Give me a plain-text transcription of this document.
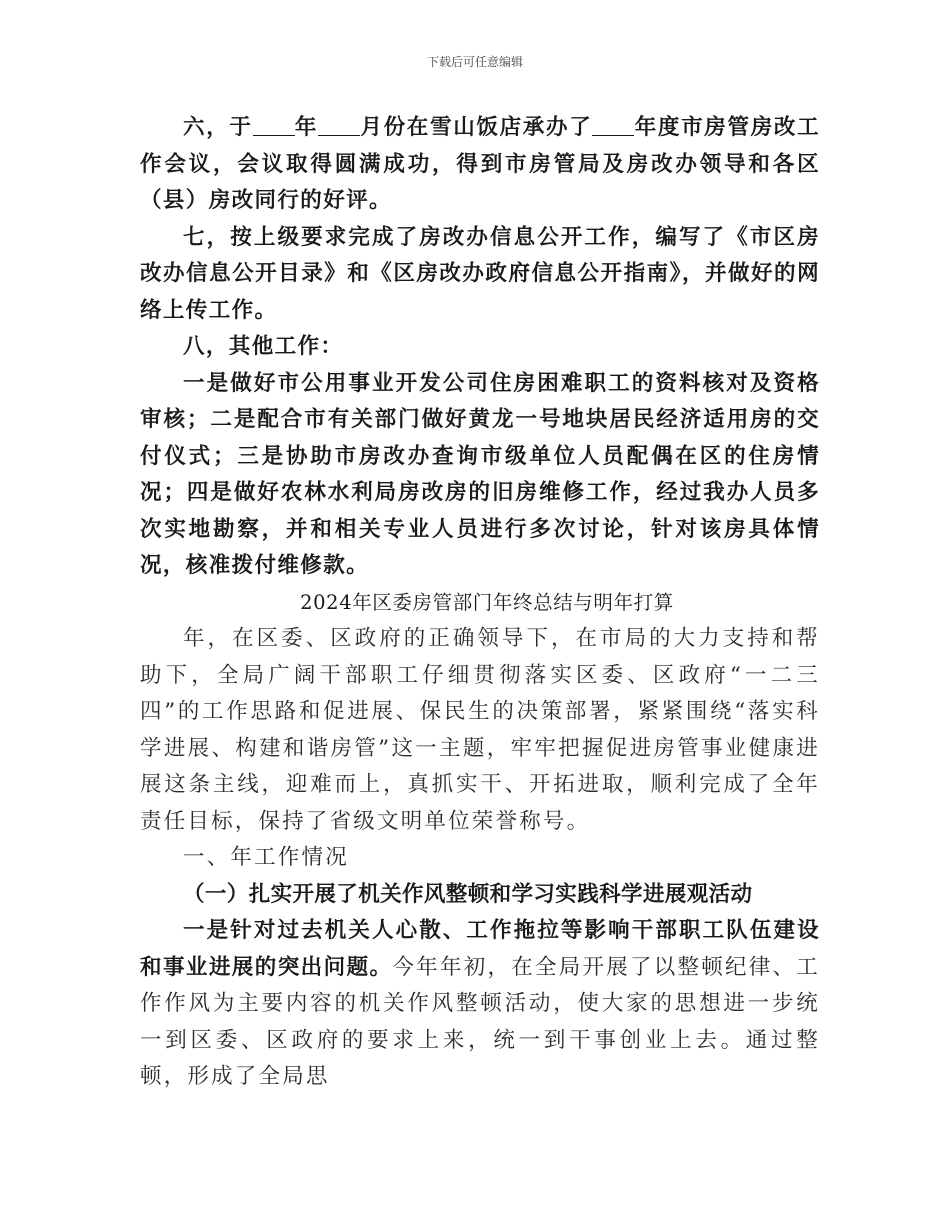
下载后可任意编辑

六，于 年 月份在雪山饭店承办了 年度市房管房改工作会议，会议取得圆满成功，得到市房管局及房改办领导和各区（县）房改同行的好评。

七，按上级要求完成了房改办信息公开工作，编写了《市区房改办信息公开目录》和《区房改办政府信息公开指南》，并做好的网络上传工作。

八，其他工作：

一是做好市公用事业开发公司住房困难职工的资料核对及资格审核；二是配合市有关部门做好黄龙一号地块居民经济适用房的交付仪式；三是协助市房改办查询市级单位人员配偶在区的住房情况；四是做好农林水利局房改房的旧房维修工作，经过我办人员多次实地勘察，并和相关专业人员进行多次讨论，针对该房具体情况，核准拨付维修款。

2024年区委房管部门年终总结与明年打算

年，在区委、区政府的正确领导下，在市局的大力支持和帮助下，全局广阔干部职工仔细贯彻落实区委、区政府“一二三四”的工作思路和促进展、保民生的决策部署，紧紧围绕“落实科学进展、构建和谐房管”这一主题，牢牢把握促进房管事业健康进展这条主线，迎难而上，真抓实干、开拓进取，顺利完成了全年责任目标，保持了省级文明单位荣誉称号。

一、年工作情况

（一）扎实开展了机关作风整顿和学习实践科学进展观活动

一是针对过去机关人心散、工作拖拉等影响干部职工队伍建设和事业进展的突出问题。今年年初，在全局开展了以整顿纪律、工作作风为主要内容的机关作风整顿活动，使大家的思想进一步统一到区委、区政府的要求上来，统一到干事创业上去。通过整顿，形成了全局思
